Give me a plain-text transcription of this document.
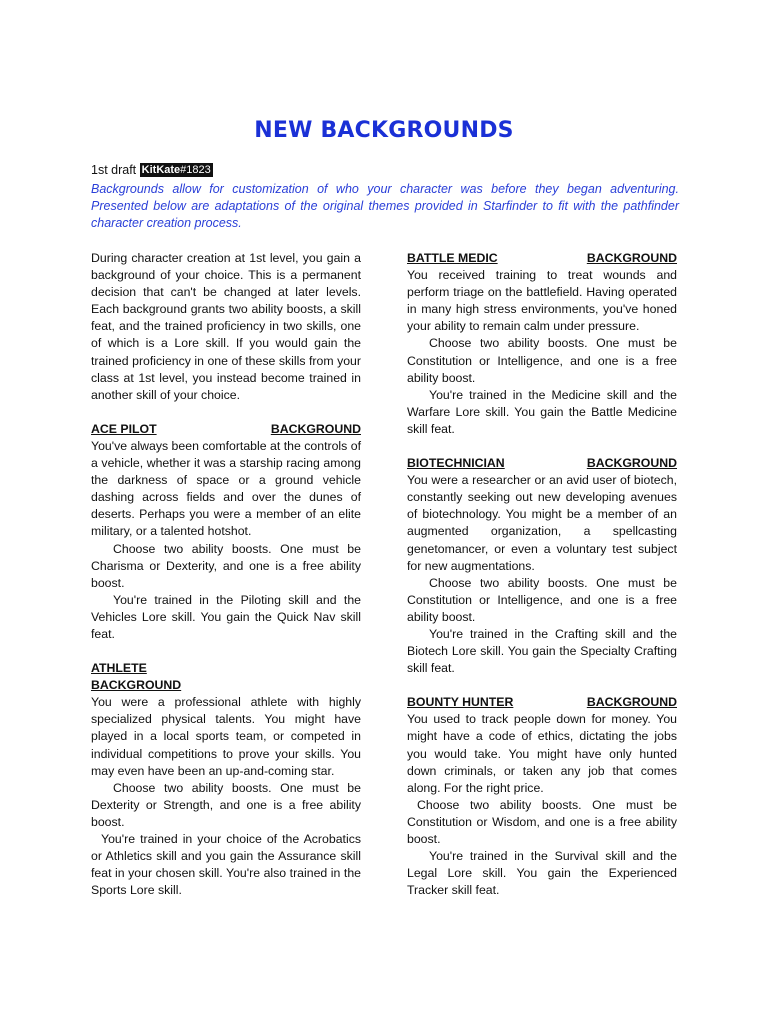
NEW BACKGROUNDS
1st draft KitKate#1823

Backgrounds allow for customization of who your character was before they began adventuring. Presented below are adaptations of the original themes provided in Starfinder to fit with the pathfinder character creation process.

During character creation at 1st level, you gain a background of your choice. This is a permanent decision that can't be changed at later levels. Each background grants two ability boosts, a skill feat, and the trained proficiency in two skills, one of which is a Lore skill. If you would gain the trained proficiency in one of these skills from your class at 1st level, you instead become trained in another skill of your choice.

ACE PILOT	BACKGROUND

You've always been comfortable at the controls of a vehicle, whether it was a starship racing among the darkness of space or a ground vehicle dashing across fields and over the dunes of deserts. Perhaps you were a member of an elite military, or a talented hotshot.

Choose two ability boosts. One must be Charisma or Dexterity, and one is a free ability boost.

You're trained in the Piloting skill and the Vehicles Lore skill. You gain the Quick Nav skill feat.

ATHLETE
BACKGROUND

You were a professional athlete with highly specialized physical talents. You might have played in a local sports team, or competed in individual competitions to prove your skills. You may even have been an up-and-coming star.

Choose two ability boosts. One must be Dexterity or Strength, and one is a free ability boost.

You're trained in your choice of the Acrobatics or Athletics skill and you gain the Assurance skill feat in your chosen skill. You're also trained in the Sports Lore skill.

BATTLE MEDIC	BACKGROUND

You received training to treat wounds and perform triage on the battlefield. Having operated in many high stress environments, you've honed your ability to remain calm under pressure.

Choose two ability boosts. One must be Constitution or Intelligence, and one is a free ability boost.

You're trained in the Medicine skill and the Warfare Lore skill. You gain the Battle Medicine skill feat.

BIOTECHNICIAN	BACKGROUND

You were a researcher or an avid user of biotech, constantly seeking out new developing avenues of biotechnology. You might be a member of an augmented organization, a spellcasting genetomancer, or even a voluntary test subject for new augmentations.

Choose two ability boosts. One must be Constitution or Intelligence, and one is a free ability boost.

You're trained in the Crafting skill and the Biotech Lore skill. You gain the Specialty Crafting skill feat.

BOUNTY HUNTER	BACKGROUND

You used to track people down for money. You might have a code of ethics, dictating the jobs you would take. You might have only hunted down criminals, or taken any job that comes along. For the right price.

Choose two ability boosts. One must be Constitution or Wisdom, and one is a free ability boost.

You're trained in the Survival skill and the Legal Lore skill. You gain the Experienced Tracker skill feat.
